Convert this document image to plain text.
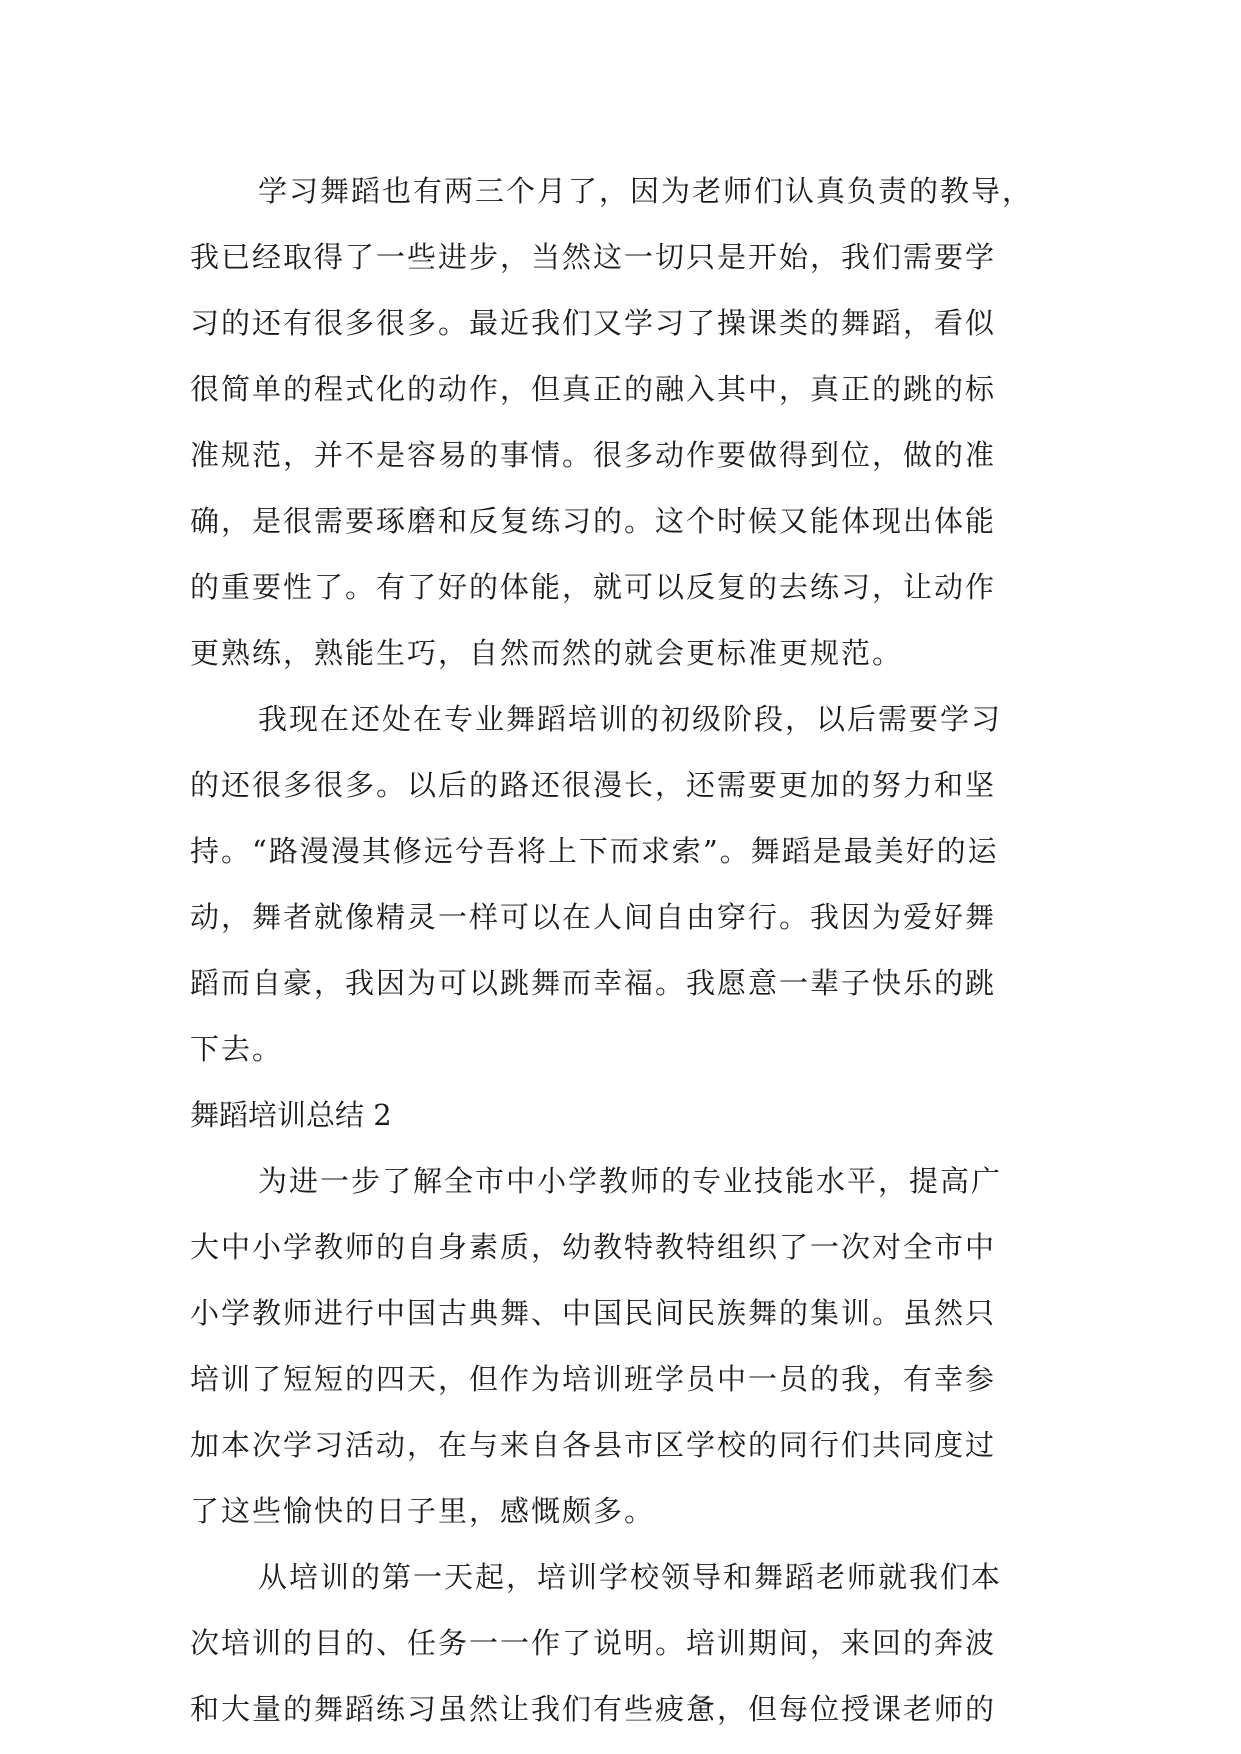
学习舞蹈也有两三个月了，因为老师们认真负责的教导，
我已经取得了一些进步，当然这一切只是开始，我们需要学
习的还有很多很多。最近我们又学习了操课类的舞蹈，看似
很简单的程式化的动作，但真正的融入其中，真正的跳的标
准规范，并不是容易的事情。很多动作要做得到位，做的准
确，是很需要琢磨和反复练习的。这个时候又能体现出体能
的重要性了。有了好的体能，就可以反复的去练习，让动作
更熟练，熟能生巧，自然而然的就会更标准更规范。
我现在还处在专业舞蹈培训的初级阶段，以后需要学习
的还很多很多。以后的路还很漫长，还需要更加的努力和坚
持。“路漫漫其修远兮吾将上下而求索”。舞蹈是最美好的运
动，舞者就像精灵一样可以在人间自由穿行。我因为爱好舞
蹈而自豪，我因为可以跳舞而幸福。我愿意一辈子快乐的跳
下去。
舞蹈培训总结 2
为进一步了解全市中小学教师的专业技能水平，提高广
大中小学教师的自身素质，幼教特教特组织了一次对全市中
小学教师进行中国古典舞、中国民间民族舞的集训。虽然只
培训了短短的四天，但作为培训班学员中一员的我，有幸参
加本次学习活动，在与来自各县市区学校的同行们共同度过
了这些愉快的日子里，感慨颇多。
从培训的第一天起，培训学校领导和舞蹈老师就我们本
次培训的目的、任务一一作了说明。培训期间，来回的奔波
和大量的舞蹈练习虽然让我们有些疲惫，但每位授课老师的
